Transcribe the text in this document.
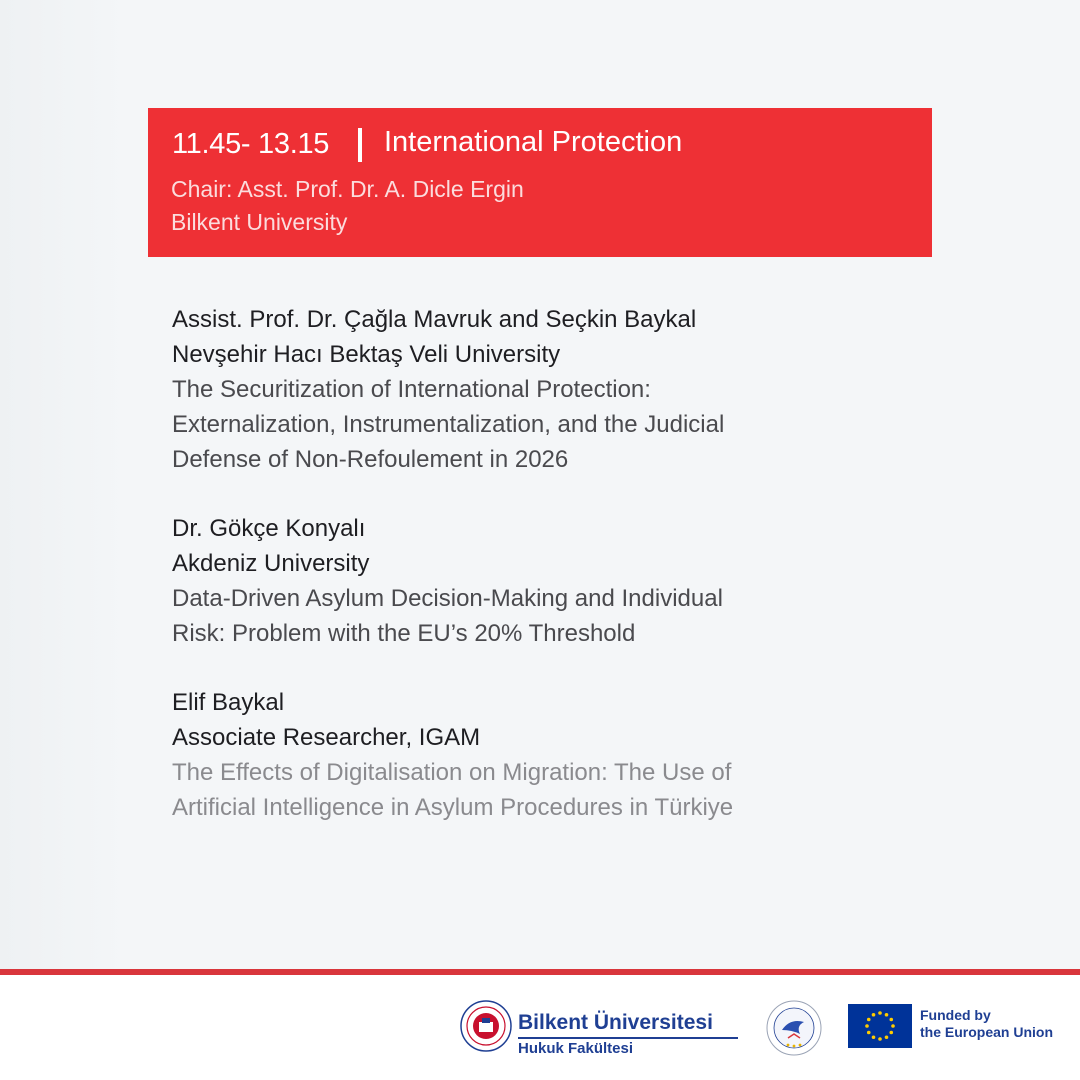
11.45- 13.15 International Protection
Chair: Asst. Prof. Dr. A. Dicle Ergin
Bilkent University
Assist. Prof. Dr. Çağla Mavruk and Seçkin Baykal
Nevşehir Hacı Bektaş Veli University
The Securitization of International Protection:
Externalization, Instrumentalization, and the Judicial
Defense of Non-Refoulement in 2026
Dr. Gökçe Konyalı
Akdeniz University
Data-Driven Asylum Decision-Making and Individual
Risk: Problem with the EU’s 20% Threshold
Elif Baykal
Associate Researcher, IGAM
The Effects of Digitalisation on Migration: The Use of
Artificial Intelligence in Asylum Procedures in Türkiye
Bilkent Üniversitesi
Hukuk Fakültesi
Funded by
the European Union
